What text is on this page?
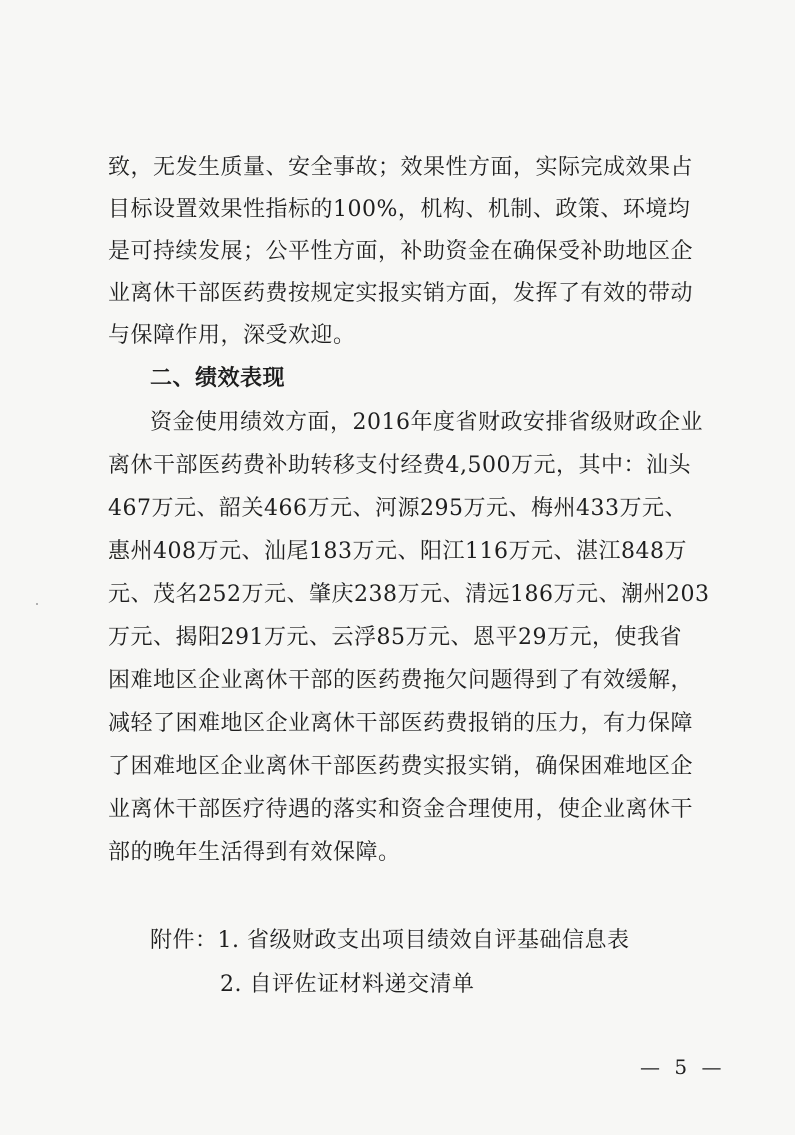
致，无发生质量、安全事故；效果性方面，实际完成效果占
目标设置效果性指标的100%，机构、机制、政策、环境均
是可持续发展；公平性方面，补助资金在确保受补助地区企
业离休干部医药费按规定实报实销方面，发挥了有效的带动
与保障作用，深受欢迎。
二、绩效表现
资金使用绩效方面，2016年度省财政安排省级财政企业
离休干部医药费补助转移支付经费4,500万元，其中：汕头
467万元、韶关466万元、河源295万元、梅州433万元、
惠州408万元、汕尾183万元、阳江116万元、湛江848万
元、茂名252万元、肇庆238万元、清远186万元、潮州203
万元、揭阳291万元、云浮85万元、恩平29万元，使我省
困难地区企业离休干部的医药费拖欠问题得到了有效缓解，
减轻了困难地区企业离休干部医药费报销的压力，有力保障
了困难地区企业离休干部医药费实报实销，确保困难地区企
业离休干部医疗待遇的落实和资金合理使用，使企业离休干
部的晚年生活得到有效保障。
附件：1. 省级财政支出项目绩效自评基础信息表
2. 自评佐证材料递交清单
— 5 —
